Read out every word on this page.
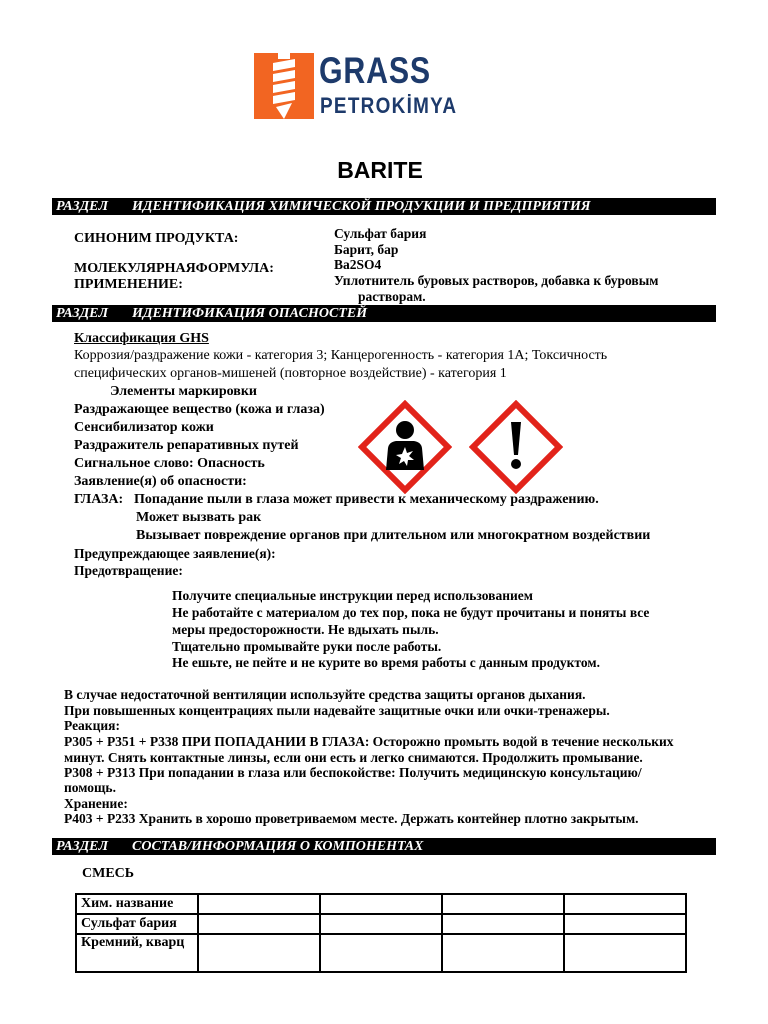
GRASS
PETROKİMYA
BARITE
РАЗДЕЛ ИДЕНТИФИКАЦИЯ ХИМИЧЕСКОЙ ПРОДУКЦИИ И ПРЕДПРИЯТИЯ
СИНОНИМ ПРОДУКТА:	Сульфат бария
Барит, бар
МОЛЕКУЛЯРНАЯФОРМУЛА:	Ba2SO4
ПРИМЕНЕНИЕ:	Уплотнитель буровых растворов, добавка к буровым
растворам.
РАЗДЕЛ ИДЕНТИФИКАЦИЯ ОПАСНОСТЕЙ
Классификация GHS
Коррозия/раздражение кожи - категория 3; Канцерогенность - категория 1A; Токсичность
специфических органов-мишеней (повторное воздействие) - категория 1
Элементы маркировки
Раздражающее вещество (кожа и глаза)
Сенсибилизатор кожи
Раздражитель репаративных путей
Сигнальное слово: Опасность
Заявление(я) об опасности:
ГЛАЗА: Попадание пыли в глаза может привести к механическому раздражению.
Может вызвать рак
Вызывает повреждение органов при длительном или многократном воздействии
Предупреждающее заявление(я):
Предотвращение:
Получите специальные инструкции перед использованием
Не работайте с материалом до тех пор, пока не будут прочитаны и поняты все
меры предосторожности. Не вдыхать пыль.
Тщательно промывайте руки после работы.
Не ешьте, не пейте и не курите во время работы с данным продуктом.
В случае недостаточной вентиляции используйте средства защиты органов дыхания.
При повышенных концентрациях пыли надевайте защитные очки или очки-тренажеры.
Реакция:
P305 + P351 + P338 ПРИ ПОПАДАНИИ В ГЛАЗА: Осторожно промыть водой в течение нескольких
минут. Снять контактные линзы, если они есть и легко снимаются. Продолжить промывание.
P308 + P313 При попадании в глаза или беспокойстве: Получить медицинскую консультацию/
помощь.
Хранение:
P403 + P233 Хранить в хорошо проветриваемом месте. Держать контейнер плотно закрытым.
РАЗДЕЛ СОСТАВ/ИНФОРМАЦИЯ О КОМПОНЕНТАХ
СМЕСЬ
Хим. название				
Сульфат бария				
Кремний, кварц				
